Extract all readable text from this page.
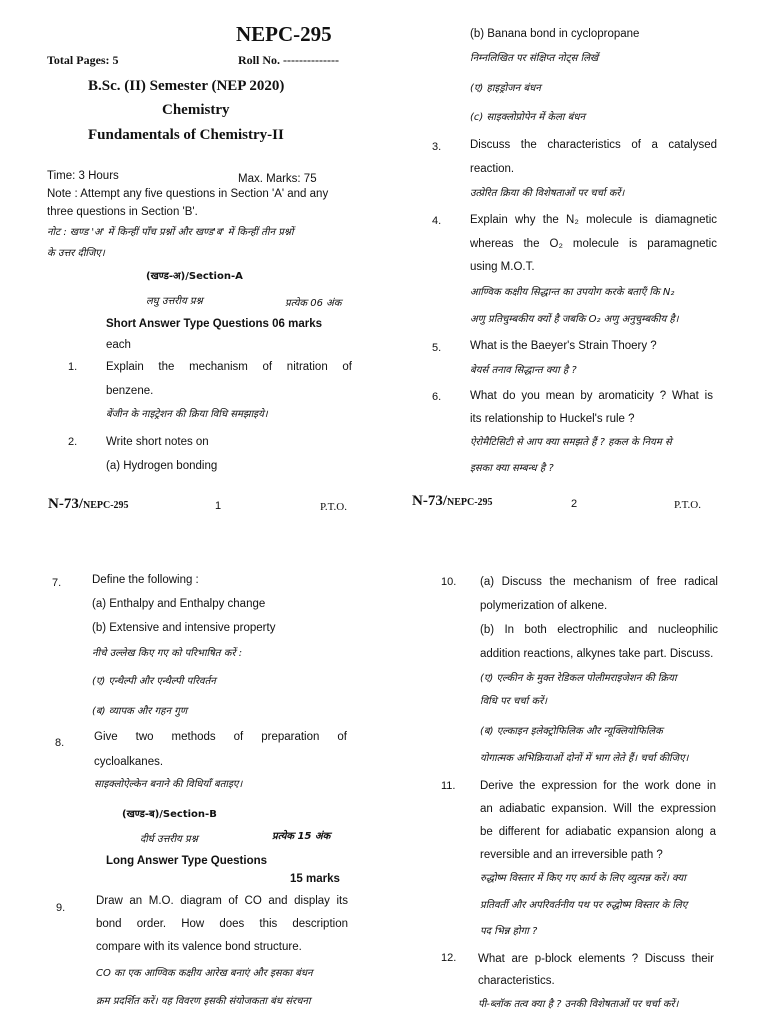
NEPC-295
Total Pages: 5	Roll No. --------------
B.Sc. (II) Semester (NEP 2020)
Chemistry
Fundamentals of Chemistry-II
Time: 3 Hours	Max. Marks: 75
Note : Attempt any five questions in Section 'A' and any
three questions in Section 'B'.
नोट : खण्ड 'अ' में किन्हीं पाँच प्रश्नों और खण्ड'ब' में किन्हीं तीन प्रश्नों
के उत्तर दीजिए।
(खण्ड-अ)/Section-A
लघु उत्तरीय प्रश्न	प्रत्येक 06 अंक
Short Answer Type Questions 06 marks
each
1.	Explain the mechanism of nitration of
benzene.
बेंजीन के नाइट्रेशन की क्रिया विधि समझाइये।
2.	Write short notes on
(a) Hydrogen bonding
N-73/NEPC-295	1	P.T.O.
(b) Banana bond in cyclopropane
निम्नलिखित पर संक्षिप्त नोट्स लिखें
(ए) हाइड्रोजन बंधन
(c) साइक्लोप्रोपेन में केला बंधन
3.	Discuss the characteristics of a catalysed
reaction.
उत्प्रेरित क्रिया की विशेषताओं पर चर्चा करें।
4.	Explain why the N₂ molecule is diamagnetic
whereas the O₂ molecule is paramagnetic
using M.O.T.
आण्विक कक्षीय सिद्धान्त का उपयोग करके बताएँ कि N₂
अणु प्रतिचुम्बकीय क्यों है जबकि O₂ अणु अनुचुम्बकीय है।
5.	What is the Baeyer's Strain Thoery ?
बेयर्स तनाव सिद्धान्त क्या है ?
6.	What do you mean by aromaticity ? What is
its relationship to Huckel's rule ?
ऐरोमैटिसिटी से आप क्या समझते हैं ? हकल के नियम से
इसका क्या सम्बन्ध है ?
N-73/NEPC-295	2	P.T.O.
7.	Define the following :
(a) Enthalpy and Enthalpy change
(b) Extensive and intensive property
नीचे उल्लेख किए गए को परिभाषित करें :
(ए) एन्थैल्पी और एन्थैल्पी परिवर्तन
(ब) व्यापक और गहन गुण
8.	Give two methods of preparation of
cycloalkanes.
साइक्लोऐल्केन बनाने की विधियाँ बताइए।
(खण्ड-ब)/Section-B
दीर्घ उत्तरीय प्रश्न	प्रत्येक 15 अंक
Long Answer Type Questions
15 marks
9.
Draw an M.O. diagram of CO and display its
bond order. How does this description
compare with its valence bond structure.
CO का एक आण्विक कक्षीय आरेख बनाएं और इसका बंधन
क्रम प्रदर्शित करें। यह विवरण इसकी संयोजकता बंध संरचना
10. (a) Discuss the mechanism of free radical
polymerization of alkene.
(b) In both electrophilic and nucleophilic
addition reactions, alkynes take part. Discuss.
(ए) एल्कीन के मुक्त रेडिकल पोलीमराइजेशन की क्रिया
विधि पर चर्चा करें।
(ब) एल्काइन इलेक्ट्रोफिलिक और न्यूक्लियोफिलिक
योगात्मक अभिक्रियाओं दोनों में भाग लेते हैं। चर्चा कीजिए।
11. Derive the expression for the work done in
an adiabatic expansion. Will the expression
be different for adiabatic expansion along a
reversible and an irreversible path ?
रुद्धोष्म विस्तार में किए गए कार्य के लिए व्युत्पन्न करें। क्या
प्रतिवर्ती और अपरिवर्तनीय पथ पर रुद्धोष्म विस्तार के लिए
पद भिन्न होगा ?
12. What are p-block elements ? Discuss their
characteristics.
पी-ब्लॉक तत्व क्या है ? उनकी विशेषताओं पर चर्चा करें।
